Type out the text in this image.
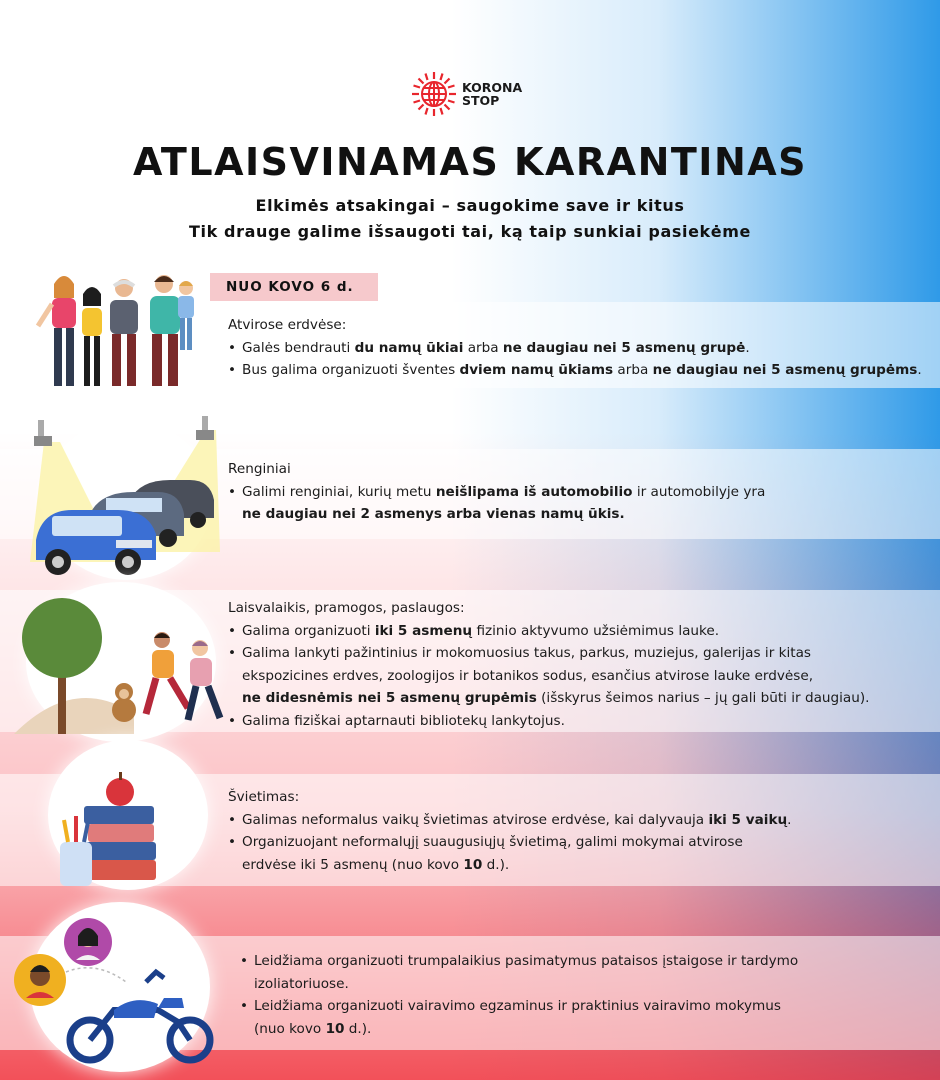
KORONA
STOP
ATLAISVINAMAS KARANTINAS
Elkimės atsakingai – saugokime save ir kitus
Tik drauge galime išsaugoti tai, ką taip sunkiai pasiekėme
NUO KOVO 6 d.
Atvirose erdvėse:
• Galės bendrauti du namų ūkiai arba ne daugiau nei 5 asmenų grupė.
• Bus galima organizuoti šventes dviem namų ūkiams arba ne daugiau nei 5 asmenų grupėms.
Renginiai
• Galimi renginiai, kurių metu neišlipama iš automobilio ir automobilyje yra
ne daugiau nei 2 asmenys arba vienas namų ūkis.
Laisvalaikis, pramogos, paslaugos:
• Galima organizuoti iki 5 asmenų fizinio aktyvumo užsiėmimus lauke.
• Galima lankyti pažintinius ir mokomuosius takus, parkus, muziejus, galerijas ir kitas
ekspozicines erdves, zoologijos ir botanikos sodus, esančius atvirose lauke erdvėse,
ne didesnėmis nei 5 asmenų grupėmis (išskyrus šeimos narius – jų gali būti ir daugiau).
• Galima fiziškai aptarnauti bibliotekų lankytojus.
Švietimas:
• Galimas neformalus vaikų švietimas atvirose erdvėse, kai dalyvauja iki 5 vaikų.
• Organizuojant neformalųjį suaugusiųjų švietimą, galimi mokymai atvirose
erdvėse iki 5 asmenų (nuo kovo 10 d.).
• Leidžiama organizuoti trumpalaikius pasimatymus pataisos įstaigose ir tardymo
izoliatoriuose.
• Leidžiama organizuoti vairavimo egzaminus ir praktinius vairavimo mokymus
(nuo kovo 10 d.).
